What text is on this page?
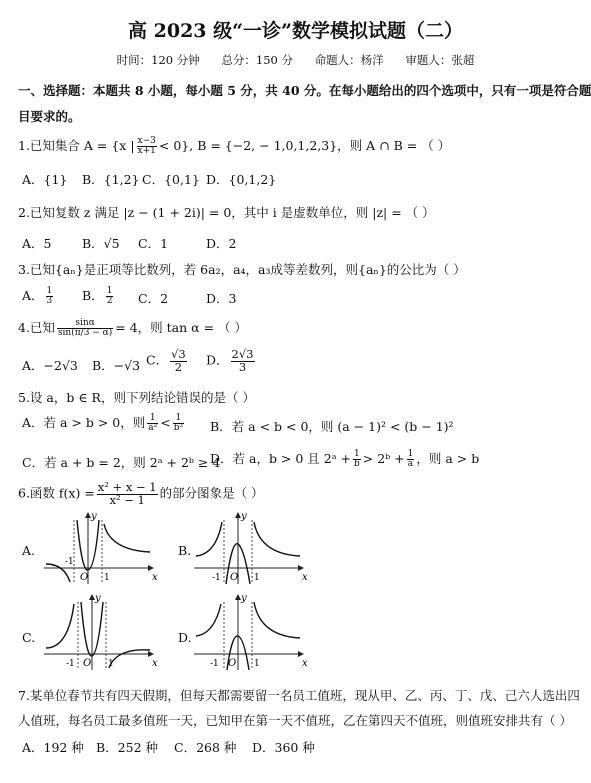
高 2023 级“一诊”数学模拟试题（二）
时间：120 分钟 总分：150 分 命题人：杨洋 审题人：张超
一、选择题：本题共 8 小题，每小题 5 分，共 40 分。在每小题给出的四个选项中，只有一项是符合题
目要求的。
1.已知集合 A = {x | $\frac{x-3}{x+1} < 0$}, B = {−2, − 1,0,1,2,3}，则 A ∩ B = （ ）
A．{1} B．{1,2} C．{0,1} D．{0,1,2}
2.已知复数 z 满足 |z − (1 + 2i)| = 0，其中 i 是虚数单位，则 |z| = （ ）
A．5 B．√5 C．1	D．2
3.已知{aₙ}是正项等比数列，若 6a₂，a₄，a₃成等差数列，则{aₙ}的公比为（ ）
A． $\frac{1}{3}$ B． $\frac{1}{2}$ C．2	D．3
4.已知 $\frac{\sin\alpha}{\sin(\pi/3 - \alpha)} = 4$，则 tan α = （ ）
A．−2√3 B．−√3 C． $\frac{√3}{2}$ D． $\frac{2√3}{3}$
5.设 a，b ∈ R，则下列结论错误的是（ ）
A．若 a > b > 0，则 $\frac{1}{\text{a²}} < \frac{1}{\text{b²}}$ B．若 a < b < 0，则 (a − 1)² < (b − 1)²
C．若 a + b = 2，则 2ᵃ + 2ᵇ ≥ 4
D．若 a，b > 0 且 2ᵃ + $\frac{1}{b}$ > 2ᵇ + $\frac{1}{a}$ ，则 a > b
6.函数 $f(x) = \frac{\text{x² + x − 1}}{\text{x² − 1}}$ 的部分图象是（ ）
A.	B.
C.	D.
x
y
O
-1
1	x
y
O
-1	1
x
y
O
-1	1	x
y
O
-1	1
7.某单位春节共有四天假期，但每天都需要留一名员工值班，现从甲、乙、丙、丁、戊、己六人选出四
人值班，每名员工最多值班一天，已知甲在第一天不值班，乙在第四天不值班，则值班安排共有（ ）
A．192 种 B．252 种 C．268 种 D．360 种
